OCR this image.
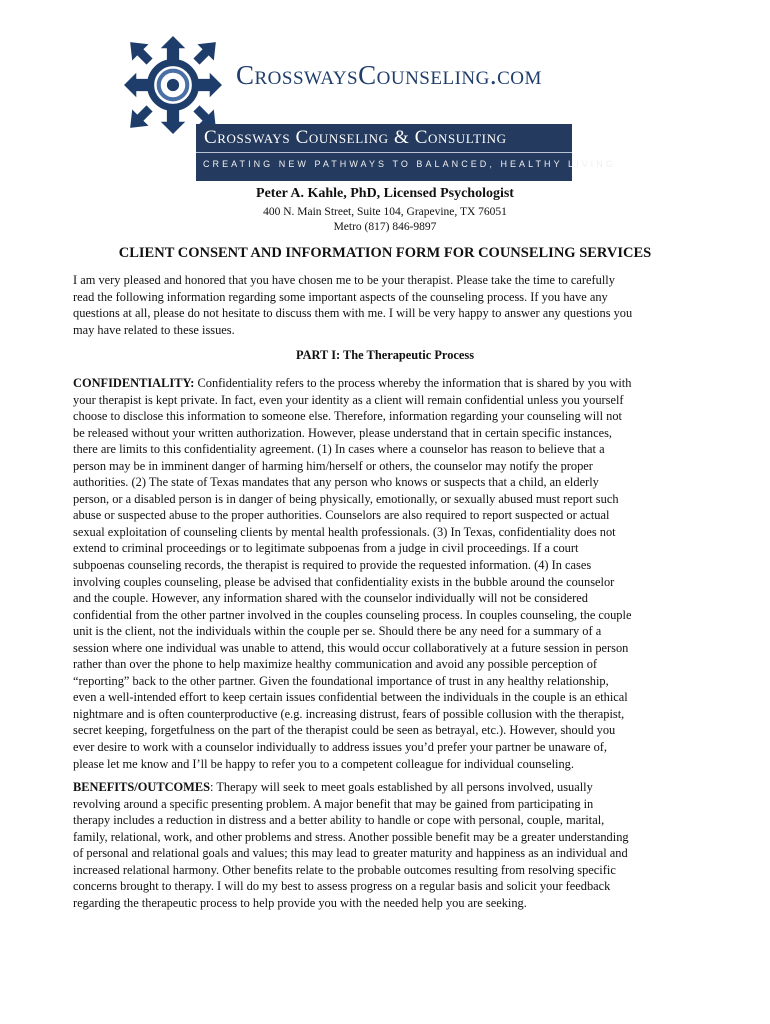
CrosswaysCounseling.com
Crossways Counseling & Consulting
CREATING NEW PATHWAYS TO BALANCED, HEALTHY LIVING
Peter A. Kahle, PhD, Licensed Psychologist
400 N. Main Street, Suite 104, Grapevine, TX 76051
Metro (817) 846-9897
CLIENT CONSENT AND INFORMATION FORM FOR COUNSELING SERVICES
I am very pleased and honored that you have chosen me to be your therapist. Please take the time to carefully
read the following information regarding some important aspects of the counseling process. If you have any
questions at all, please do not hesitate to discuss them with me. I will be very happy to answer any questions you
may have related to these issues.
PART I: The Therapeutic Process
CONFIDENTIALITY: Confidentiality refers to the process whereby the information that is shared by you with
your therapist is kept private. In fact, even your identity as a client will remain confidential unless you yourself
choose to disclose this information to someone else. Therefore, information regarding your counseling will not
be released without your written authorization. However, please understand that in certain specific instances,
there are limits to this confidentiality agreement. (1) In cases where a counselor has reason to believe that a
person may be in imminent danger of harming him/herself or others, the counselor may notify the proper
authorities. (2) The state of Texas mandates that any person who knows or suspects that a child, an elderly
person, or a disabled person is in danger of being physically, emotionally, or sexually abused must report such
abuse or suspected abuse to the proper authorities. Counselors are also required to report suspected or actual
sexual exploitation of counseling clients by mental health professionals. (3) In Texas, confidentiality does not
extend to criminal proceedings or to legitimate subpoenas from a judge in civil proceedings. If a court
subpoenas counseling records, the therapist is required to provide the requested information. (4) In cases
involving couples counseling, please be advised that confidentiality exists in the bubble around the counselor
and the couple. However, any information shared with the counselor individually will not be considered
confidential from the other partner involved in the couples counseling process. In couples counseling, the couple
unit is the client, not the individuals within the couple per se. Should there be any need for a summary of a
session where one individual was unable to attend, this would occur collaboratively at a future session in person
rather than over the phone to help maximize healthy communication and avoid any possible perception of
“reporting” back to the other partner. Given the foundational importance of trust in any healthy relationship,
even a well-intended effort to keep certain issues confidential between the individuals in the couple is an ethical
nightmare and is often counterproductive (e.g. increasing distrust, fears of possible collusion with the therapist,
secret keeping, forgetfulness on the part of the therapist could be seen as betrayal, etc.). However, should you
ever desire to work with a counselor individually to address issues you’d prefer your partner be unaware of,
please let me know and I’ll be happy to refer you to a competent colleague for individual counseling.
BENEFITS/OUTCOMES: Therapy will seek to meet goals established by all persons involved, usually
revolving around a specific presenting problem. A major benefit that may be gained from participating in
therapy includes a reduction in distress and a better ability to handle or cope with personal, couple, marital,
family, relational, work, and other problems and stress. Another possible benefit may be a greater understanding
of personal and relational goals and values; this may lead to greater maturity and happiness as an individual and
increased relational harmony. Other benefits relate to the probable outcomes resulting from resolving specific
concerns brought to therapy. I will do my best to assess progress on a regular basis and solicit your feedback
regarding the therapeutic process to help provide you with the needed help you are seeking.
